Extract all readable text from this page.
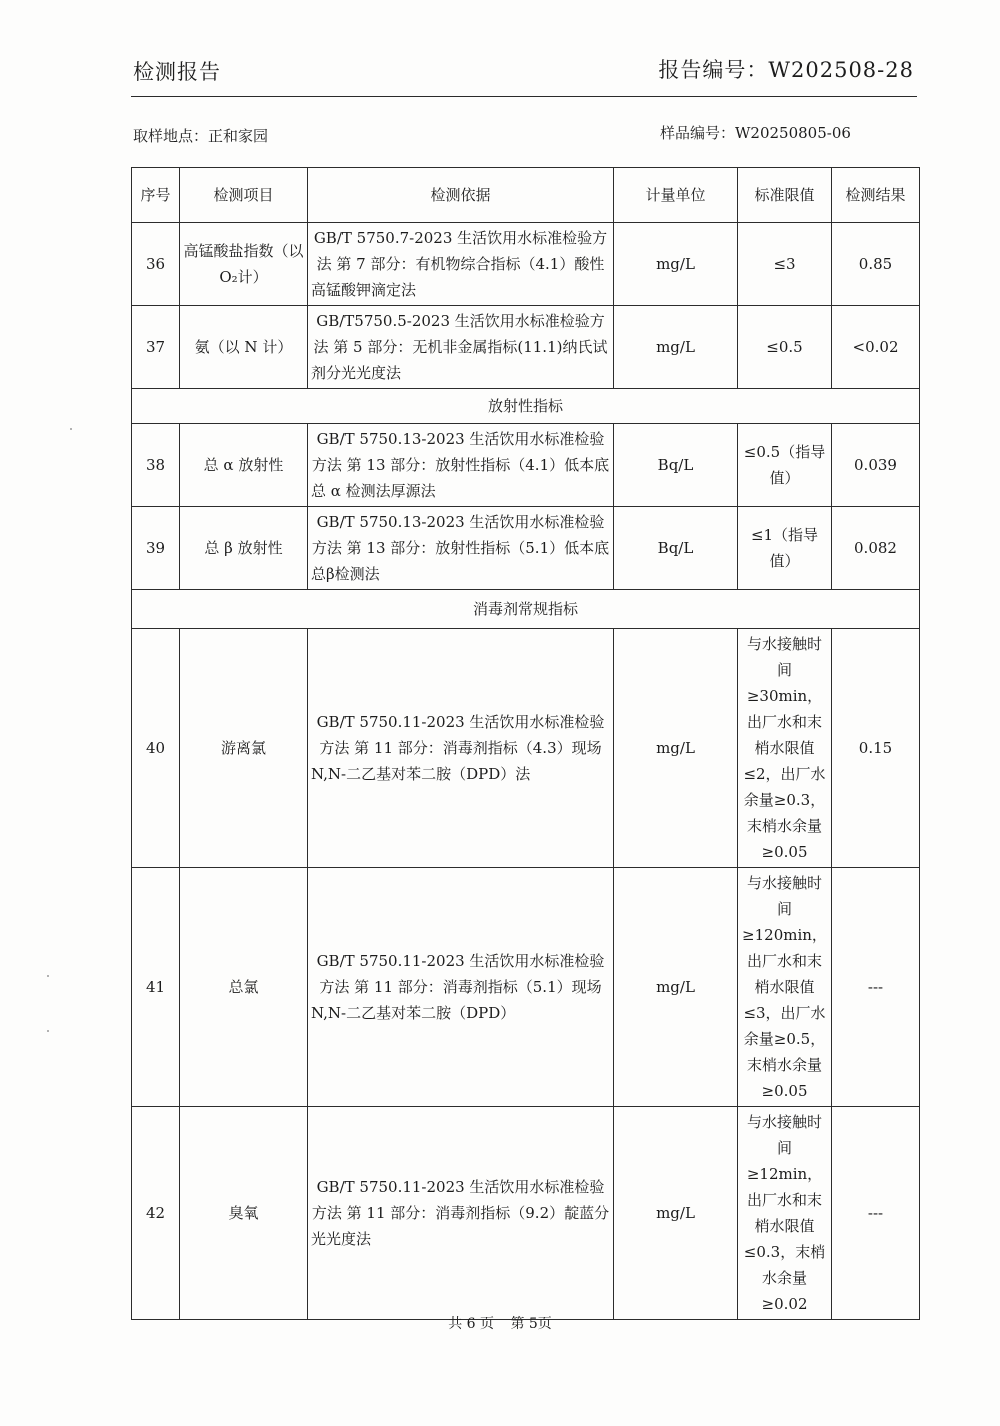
检测报告	报告编号：W202508-28
取样地点：正和家园	样品编号：W20250805-06
序号	检测项目	检测依据	计量单位	标准限值	检测结果
36	高锰酸盐指数（以O₂计）	GB/T 5750.7-2023 生活饮用水标准检验方法 第 7 部分：有机物综合指标（4.1）酸性高锰酸钾滴定法	mg/L	≤3	0.85
37	氨（以 N 计）	GB/T5750.5-2023 生活饮用水标准检验方法 第 5 部分：无机非金属指标(11.1)纳氏试剂分光光度法	mg/L	≤0.5	<0.02
放射性指标					
38	总 α 放射性	GB/T 5750.13-2023 生活饮用水标准检验方法 第 13 部分：放射性指标（4.1）低本底总 α 检测法厚源法	Bq/L	≤0.5（指导值）	0.039
39	总 β 放射性	GB/T 5750.13-2023 生活饮用水标准检验方法 第 13 部分：放射性指标（5.1）低本底总β检测法	Bq/L	≤1（指导值）	0.082
消毒剂常规指标					
40	游离氯	GB/T 5750.11-2023 生活饮用水标准检验方法 第 11 部分：消毒剂指标（4.3）现场 N,N-二乙基对苯二胺（DPD）法	mg/L	与水接触时间≥30min，出厂水和末梢水限值≤2，出厂水余量≥0.3，末梢水余量≥0.05	0.15
41	总氯	GB/T 5750.11-2023 生活饮用水标准检验方法 第 11 部分：消毒剂指标（5.1）现场 N,N-二乙基对苯二胺（DPD）	mg/L	与水接触时间≥120min，出厂水和末梢水限值≤3，出厂水余量≥0.5，末梢水余量≥0.05	---
42	臭氧	GB/T 5750.11-2023 生活饮用水标准检验方法 第 11 部分：消毒剂指标（9.2）靛蓝分光光度法	mg/L	与水接触时间≥12min，出厂水和末梢水限值≤0.3，末梢水余量≥0.02	---
共 6 页 第 5页
